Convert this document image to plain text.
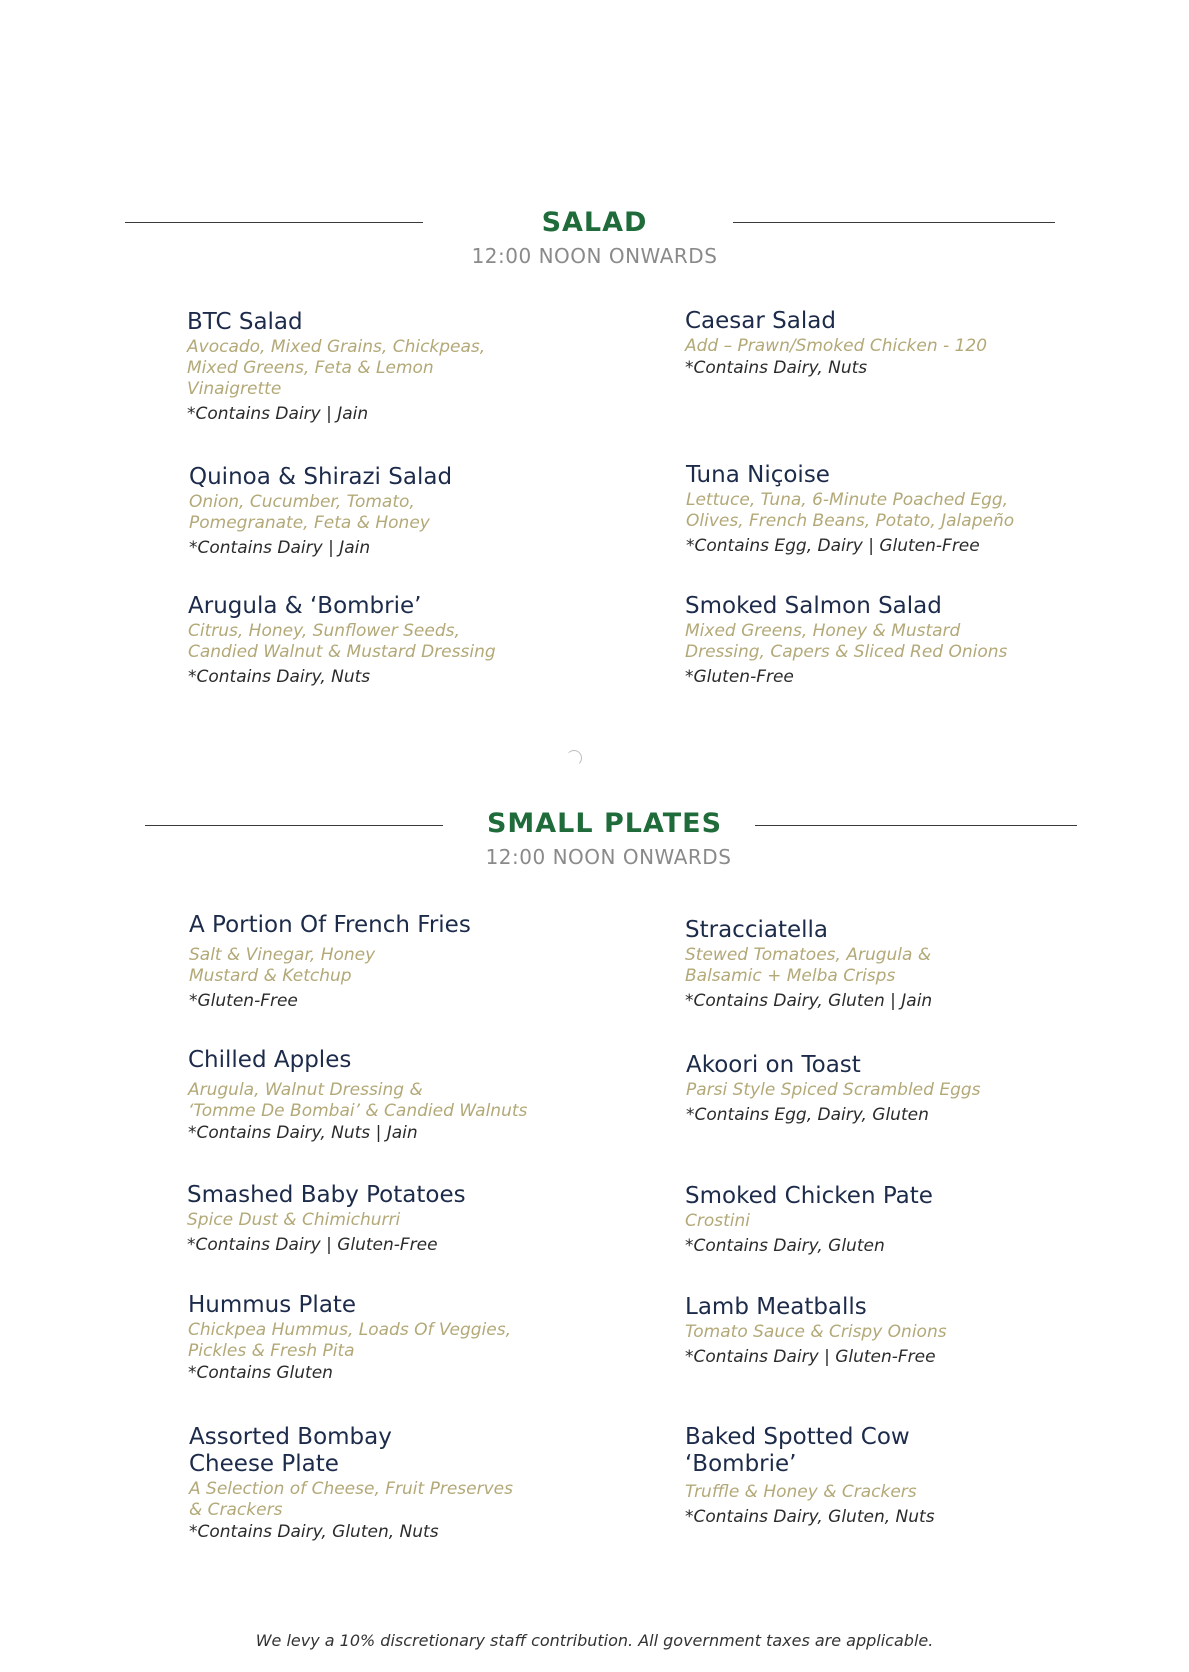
SALAD
12:00 NOON ONWARDS
BTC Salad
Avocado, Mixed Grains, Chickpeas,
Mixed Greens, Feta & Lemon
Vinaigrette
*Contains Dairy | Jain
Caesar Salad
Add – Prawn/Smoked Chicken - 120
*Contains Dairy, Nuts
Quinoa & Shirazi Salad
Onion, Cucumber, Tomato,
Pomegranate, Feta & Honey
*Contains Dairy | Jain
Tuna Niçoise
Lettuce, Tuna, 6-Minute Poached Egg,
Olives, French Beans, Potato, Jalapeño
*Contains Egg, Dairy | Gluten-Free
Arugula & ‘Bombrie’
Citrus, Honey, Sunflower Seeds,
Candied Walnut & Mustard Dressing
*Contains Dairy, Nuts
Smoked Salmon Salad
Mixed Greens, Honey & Mustard
Dressing, Capers & Sliced Red Onions
*Gluten-Free
SMALL PLATES
12:00 NOON ONWARDS
A Portion Of French Fries
Salt & Vinegar, Honey
Mustard & Ketchup
*Gluten-Free
Stracciatella
Stewed Tomatoes, Arugula &
Balsamic + Melba Crisps
*Contains Dairy, Gluten | Jain
Chilled Apples
Arugula, Walnut Dressing &
‘Tomme De Bombai’ & Candied Walnuts
*Contains Dairy, Nuts | Jain
Akoori on Toast
Parsi Style Spiced Scrambled Eggs
*Contains Egg, Dairy, Gluten
Smashed Baby Potatoes
Spice Dust & Chimichurri
*Contains Dairy | Gluten-Free
Smoked Chicken Pate
Crostini
*Contains Dairy, Gluten
Hummus Plate
Chickpea Hummus, Loads Of Veggies,
Pickles & Fresh Pita
*Contains Gluten
Lamb Meatballs
Tomato Sauce & Crispy Onions
*Contains Dairy | Gluten-Free
Assorted Bombay
Cheese Plate
A Selection of Cheese, Fruit Preserves
& Crackers
*Contains Dairy, Gluten, Nuts
Baked Spotted Cow
‘Bombrie’
Truffle & Honey & Crackers
*Contains Dairy, Gluten, Nuts
We levy a 10% discretionary staff contribution. All government taxes are applicable.
